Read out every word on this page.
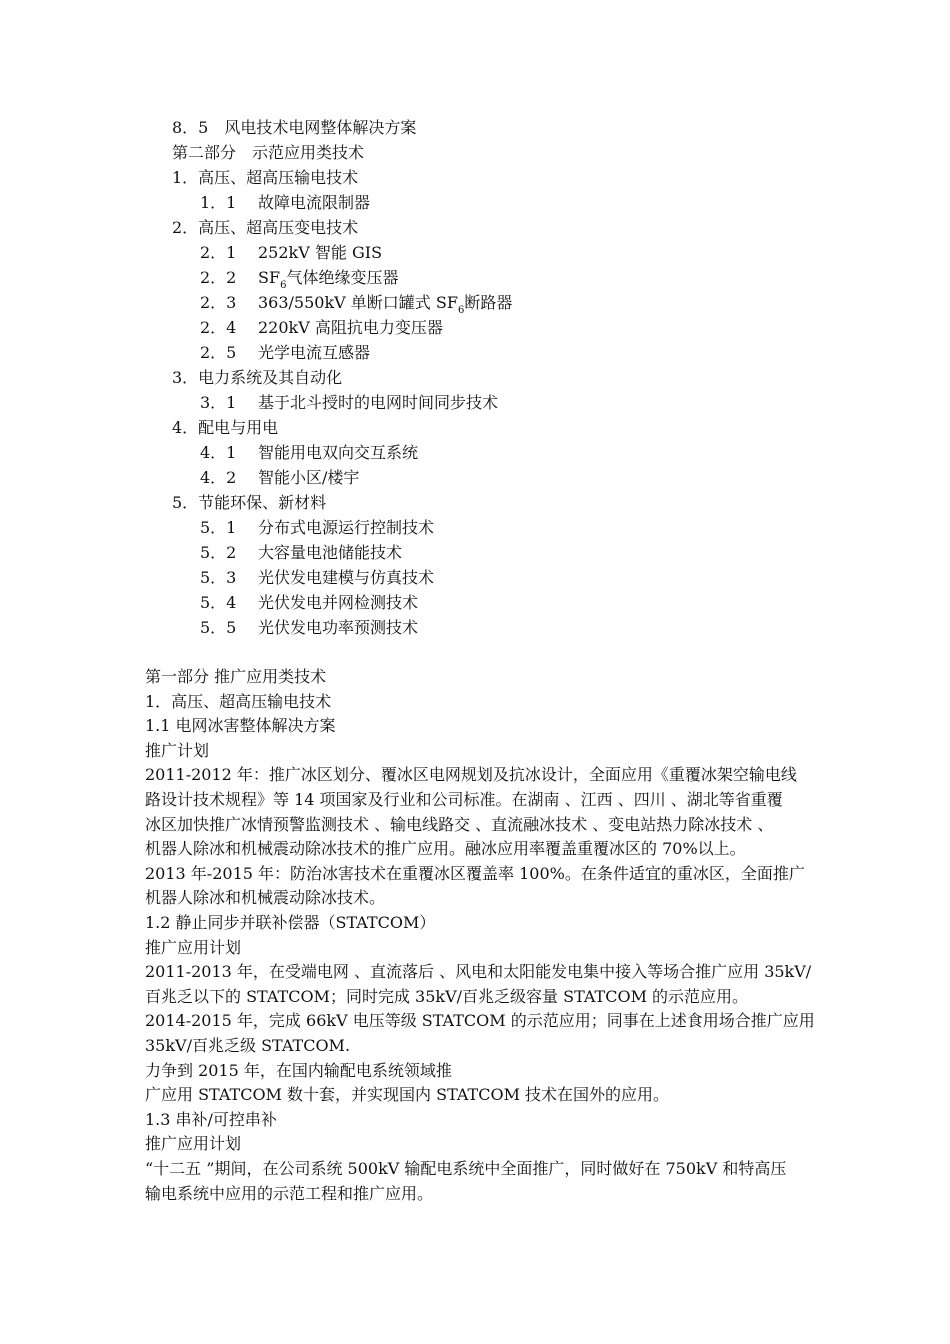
8．5　风电技术电网整体解决方案
第二部分　示范应用类技术
1．高压、超高压输电技术
1．1 故障电流限制器
2．高压、超高压变电技术
2．1 252kV 智能 GIS
2．2 $SF_6$气体绝缘变压器
2．3 363/550kV 单断口罐式 $SF_6$断路器
2．4 220kV 高阻抗电力变压器
2．5 光学电流互感器
3．电力系统及其自动化
3．1 基于北斗授时的电网时间同步技术
4．配电与用电
4．1 智能用电双向交互系统
4．2 智能小区/楼宇
5．节能环保、新材料
5．1 分布式电源运行控制技术
5．2 大容量电池储能技术
5．3 光伏发电建模与仿真技术
5．4 光伏发电并网检测技术
5．5 光伏发电功率预测技术
第一部分 推广应用类技术
1．高压、超高压输电技术
1.1 电网冰害整体解决方案
推广计划
2011-2012 年：推广冰区划分、覆冰区电网规划及抗冰设计，全面应用《重覆冰架空输电线
路设计技术规程》等 14 项国家及行业和公司标准。在湖南 、江西 、四川 、湖北等省重覆
冰区加快推广冰情预警监测技术 、输电线路交 、直流融冰技术 、变电站热力除冰技术 、
机器人除冰和机械震动除冰技术的推广应用。融冰应用率覆盖重覆冰区的 70%以上。
2013 年-2015 年：防治冰害技术在重覆冰区覆盖率 100%。在条件适宜的重冰区，全面推广
机器人除冰和机械震动除冰技术。
1.2 静止同步并联补偿器（STATCOM）
推广应用计划
2011-2013 年，在受端电网 、直流落后 、风电和太阳能发电集中接入等场合推广应用 35kV/
百兆乏以下的 STATCOM；同时完成 35kV/百兆乏级容量 STATCOM 的示范应用。
2014-2015 年，完成 66kV 电压等级 STATCOM 的示范应用；同事在上述食用场合推广应用
35kV/百兆乏级 STATCOM.
力争到 2015 年，在国内输配电系统领域推
广应用 STATCOM 数十套，并实现国内 STATCOM 技术在国外的应用。
1.3 串补/可控串补
推广应用计划
“十二五 ”期间，在公司系统 500kV 输配电系统中全面推广，同时做好在 750kV 和特高压
输电系统中应用的示范工程和推广应用。
